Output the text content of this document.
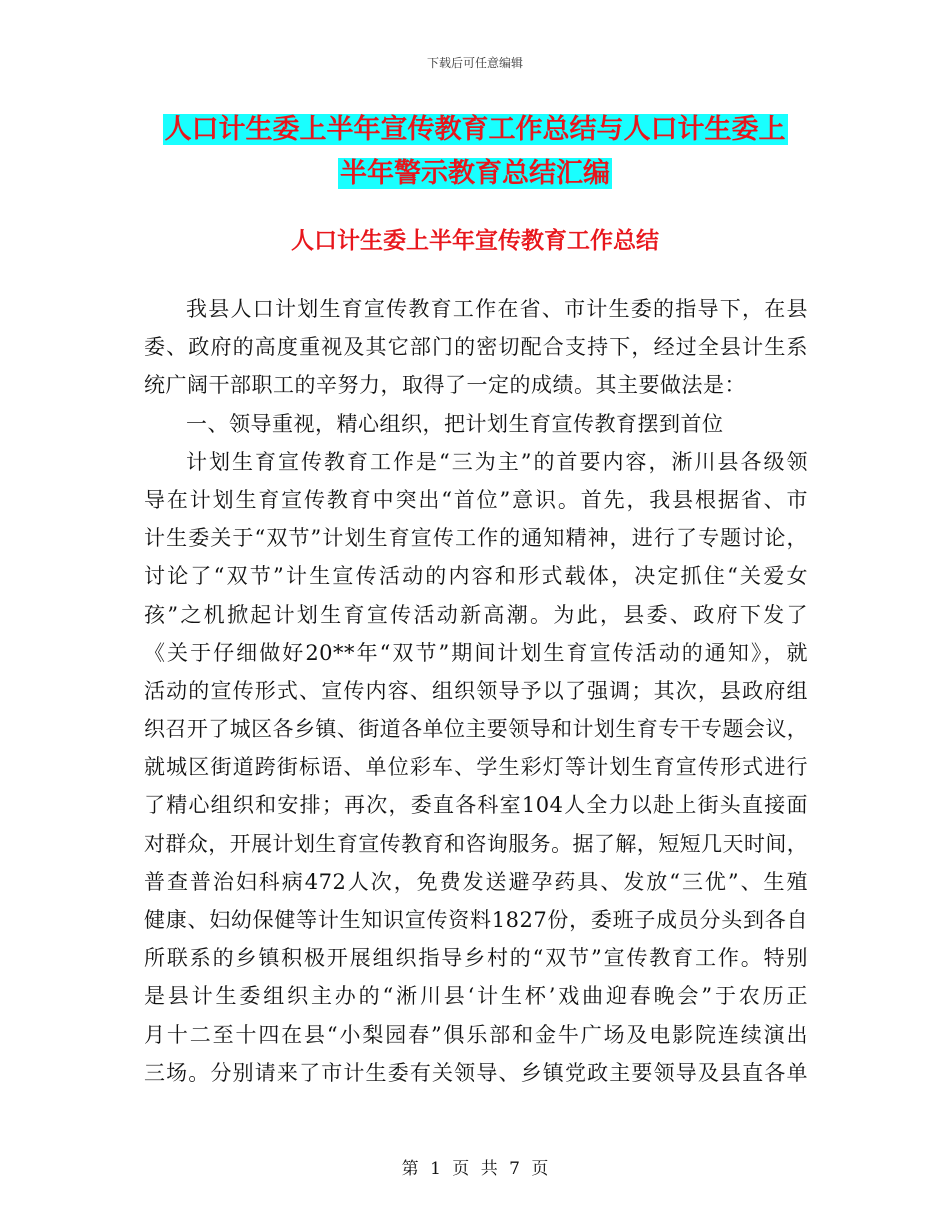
下载后可任意编辑
人口计生委上半年宣传教育工作总结与人口计生委上
半年警示教育总结汇编
人口计生委上半年宣传教育工作总结
我县人口计划生育宣传教育工作在省、市计生委的指导下，在县
委、政府的高度重视及其它部门的密切配合支持下，经过全县计生系
统广阔干部职工的辛努力，取得了一定的成绩。其主要做法是：
一、领导重视，精心组织，把计划生育宣传教育摆到首位
计划生育宣传教育工作是“三为主”的首要内容，淅川县各级领
导在计划生育宣传教育中突出“首位”意识。首先，我县根据省、市
计生委关于“双节”计划生育宣传工作的通知精神，进行了专题讨论，
讨论了“双节”计生宣传活动的内容和形式载体，决定抓住“关爱女
孩”之机掀起计划生育宣传活动新高潮。为此，县委、政府下发了
《关于仔细做好20**年“双节”期间计划生育宣传活动的通知》，就
活动的宣传形式、宣传内容、组织领导予以了强调；其次，县政府组
织召开了城区各乡镇、街道各单位主要领导和计划生育专干专题会议，
就城区街道跨街标语、单位彩车、学生彩灯等计划生育宣传形式进行
了精心组织和安排；再次，委直各科室104人全力以赴上街头直接面
对群众，开展计划生育宣传教育和咨询服务。据了解，短短几天时间，
普查普治妇科病472人次，免费发送避孕药具、发放“三优”、生殖
健康、妇幼保健等计生知识宣传资料1827份，委班子成员分头到各自
所联系的乡镇积极开展组织指导乡村的“双节”宣传教育工作。特别
是县计生委组织主办的“淅川县‘计生杯’戏曲迎春晚会”于农历正
月十二至十四在县“小梨园春”俱乐部和金牛广场及电影院连续演出
三场。分别请来了市计生委有关领导、乡镇党政主要领导及县直各单
第 1 页 共 7 页
